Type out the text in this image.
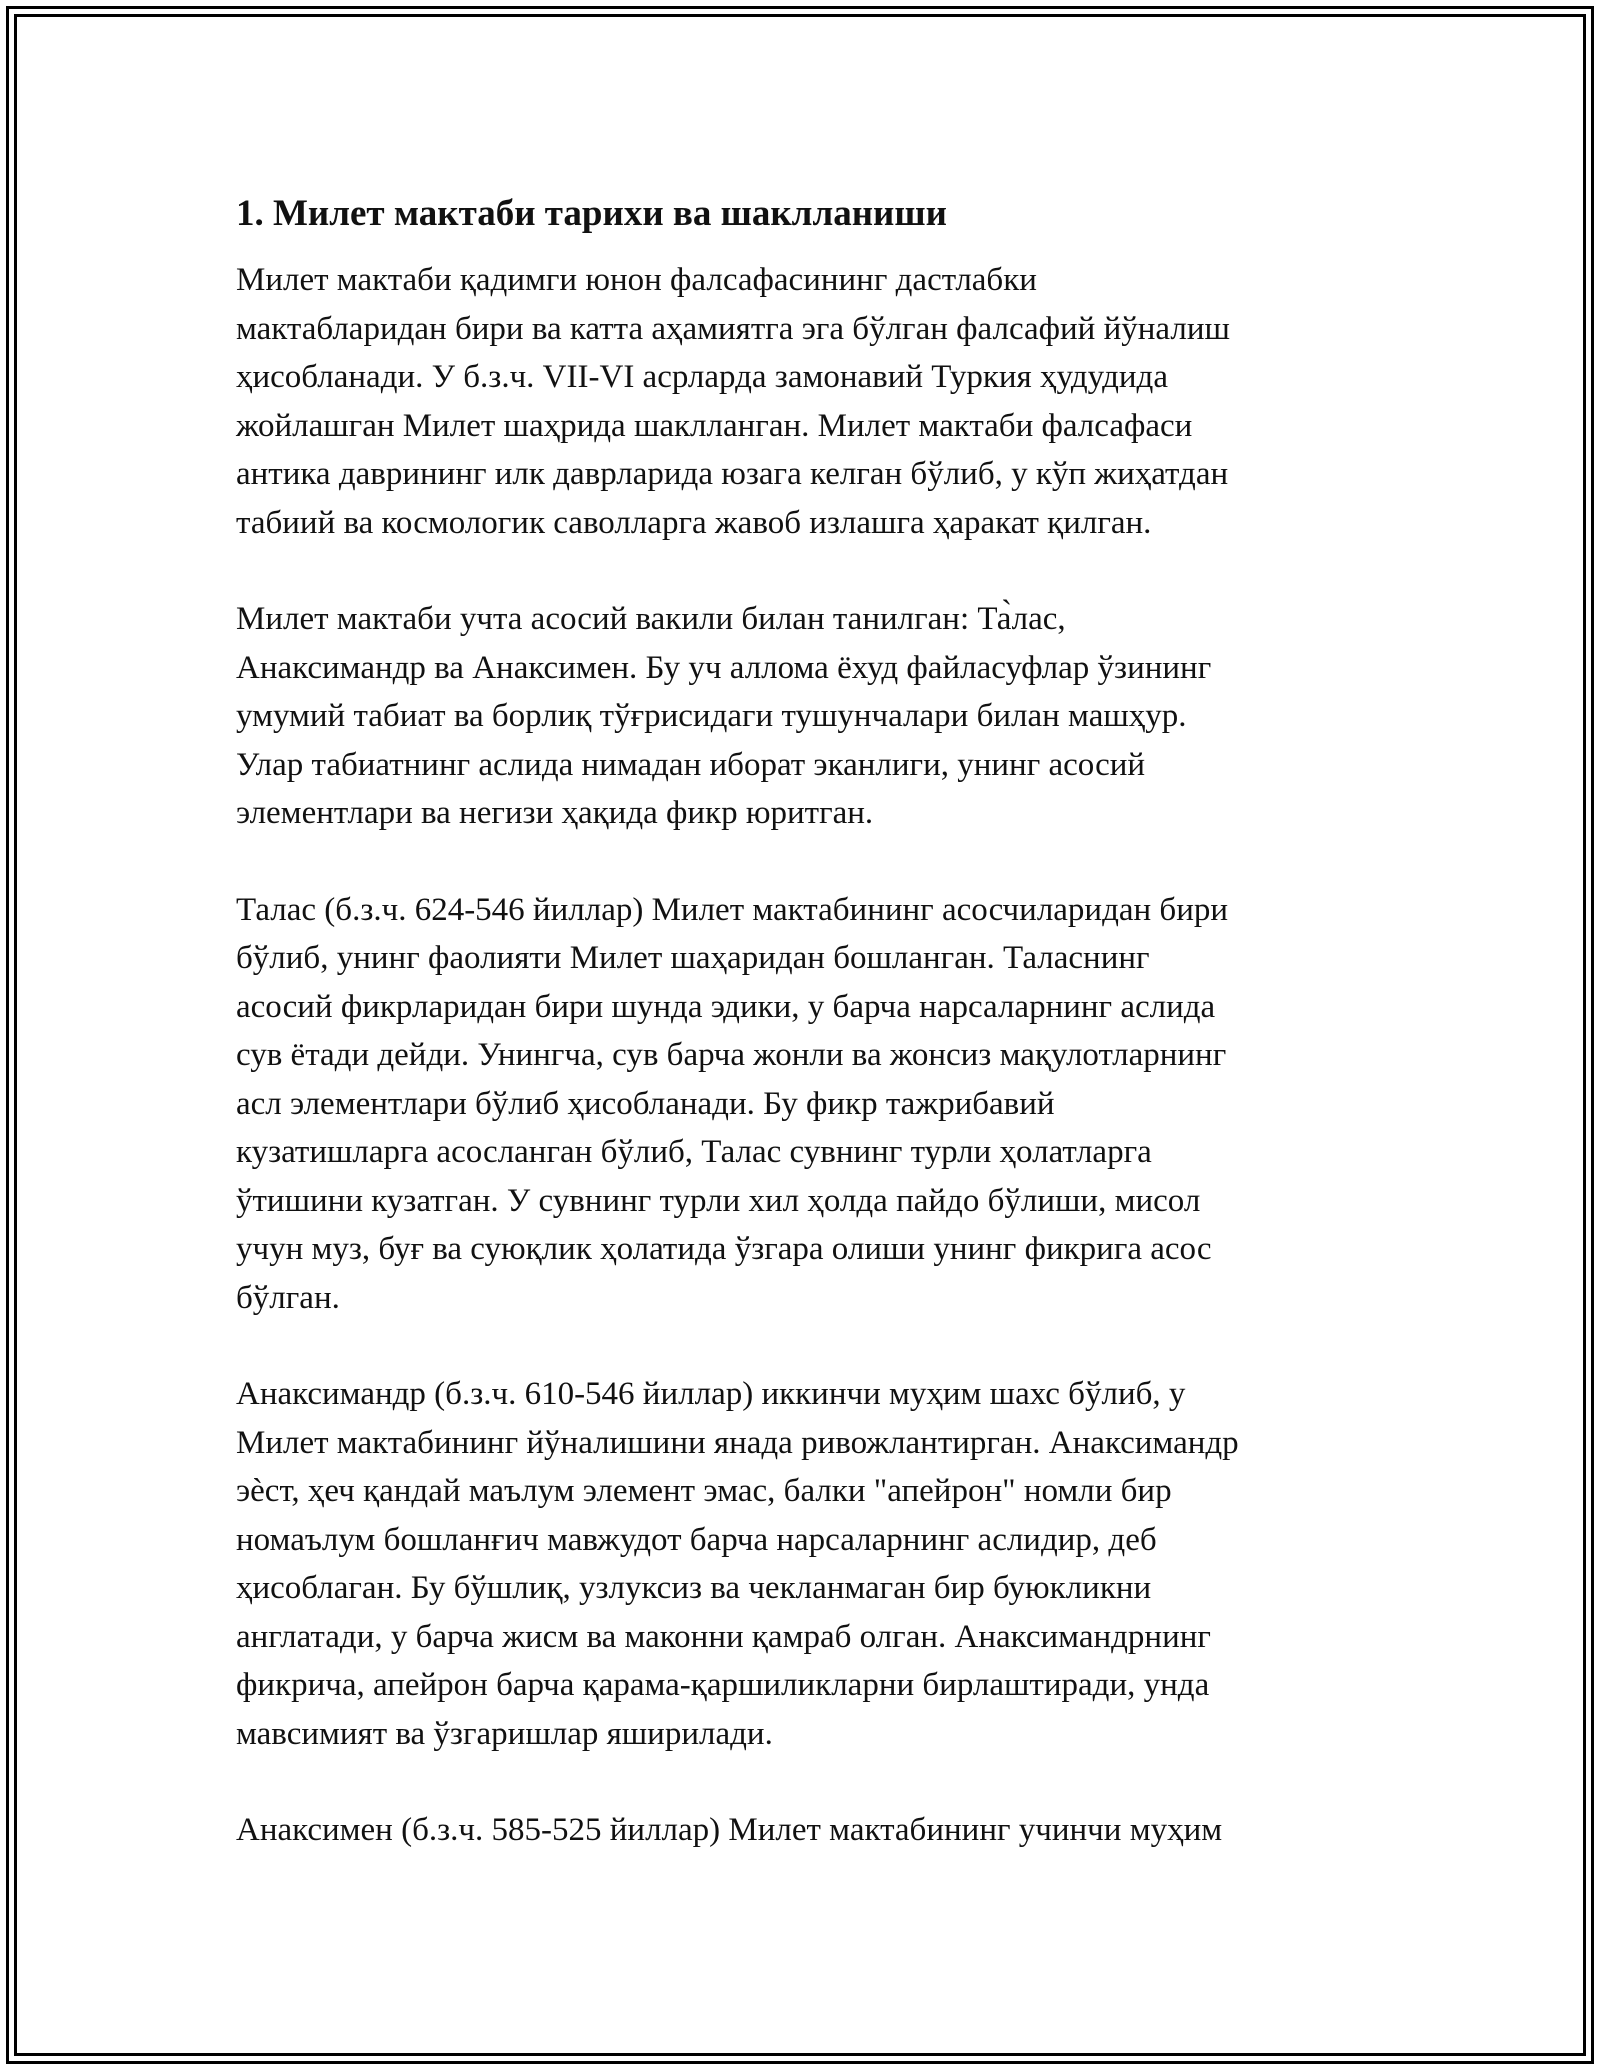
1. Милет мактаби тарихи ва шаклланиши

Милет мактаби қадимги юнон фалсафасининг дастлабки
мактабларидан бири ва катта аҳамиятга эга бўлган фалсафий йўналиш
ҳисобланади. У б.з.ч. VII-VI асрларда замонавий Туркия ҳудудида
жойлашган Милет шаҳрида шаклланган. Милет мактаби фалсафаси
антика даврининг илк даврларида юзага келган бўлиб, у кўп жиҳатдан
табиий ва космологик саволларга жавоб излашга ҳаракат қилган.

Милет мактаби учта асосий вакили билан танилган: Та̀лас,
Анаксимандр ва Анаксимен. Бу уч аллома ёхуд файласуфлар ўзининг
умумий табиат ва борлиқ тўғрисидаги тушунчалари билан машҳур.
Улар табиатнинг аслида нимадан иборат эканлиги, унинг асосий
элементлари ва негизи ҳақида фикр юритган.

Талас (б.з.ч. 624-546 йиллар) Милет мактабининг асосчиларидан бири
бўлиб, унинг фаолияти Милет шаҳаридан бошланган. Таласнинг
асосий фикрларидан бири шунда эдики, у барча нарсаларнинг аслида
сув ётади дейди. Унингча, сув барча жонли ва жонсиз мақулотларнинг
асл элементлари бўлиб ҳисобланади. Бу фикр тажрибавий
кузатишларга асосланган бўлиб, Талас сувнинг турли ҳолатларга
ўтишини кузатган. У сувнинг турли хил ҳолда пайдо бўлиши, мисол
учун муз, буғ ва суюқлик ҳолатида ўзгара олиши унинг фикрига асос
бўлган.

Анаксимандр (б.з.ч. 610-546 йиллар) иккинчи муҳим шахс бўлиб, у
Милет мактабининг йўналишини янада ривожлантирган. Анаксимандр
эѐст, ҳеч қандай маълум элемент эмас, балки "апейрон" номли бир
номаълум бошланғич мавжудот барча нарсаларнинг аслидир, деб
ҳисоблаган. Бу бўшлиқ, узлуксиз ва чекланмаган бир буюкликни
англатади, у барча жисм ва маконни қамраб олган. Анаксимандрнинг
фикрича, апейрон барча қарама-қаршиликларни бирлаштиради, унда
мавсимият ва ўзгаришлар яширилади.

Анаксимен (б.з.ч. 585-525 йиллар) Милет мактабининг учинчи муҳим
